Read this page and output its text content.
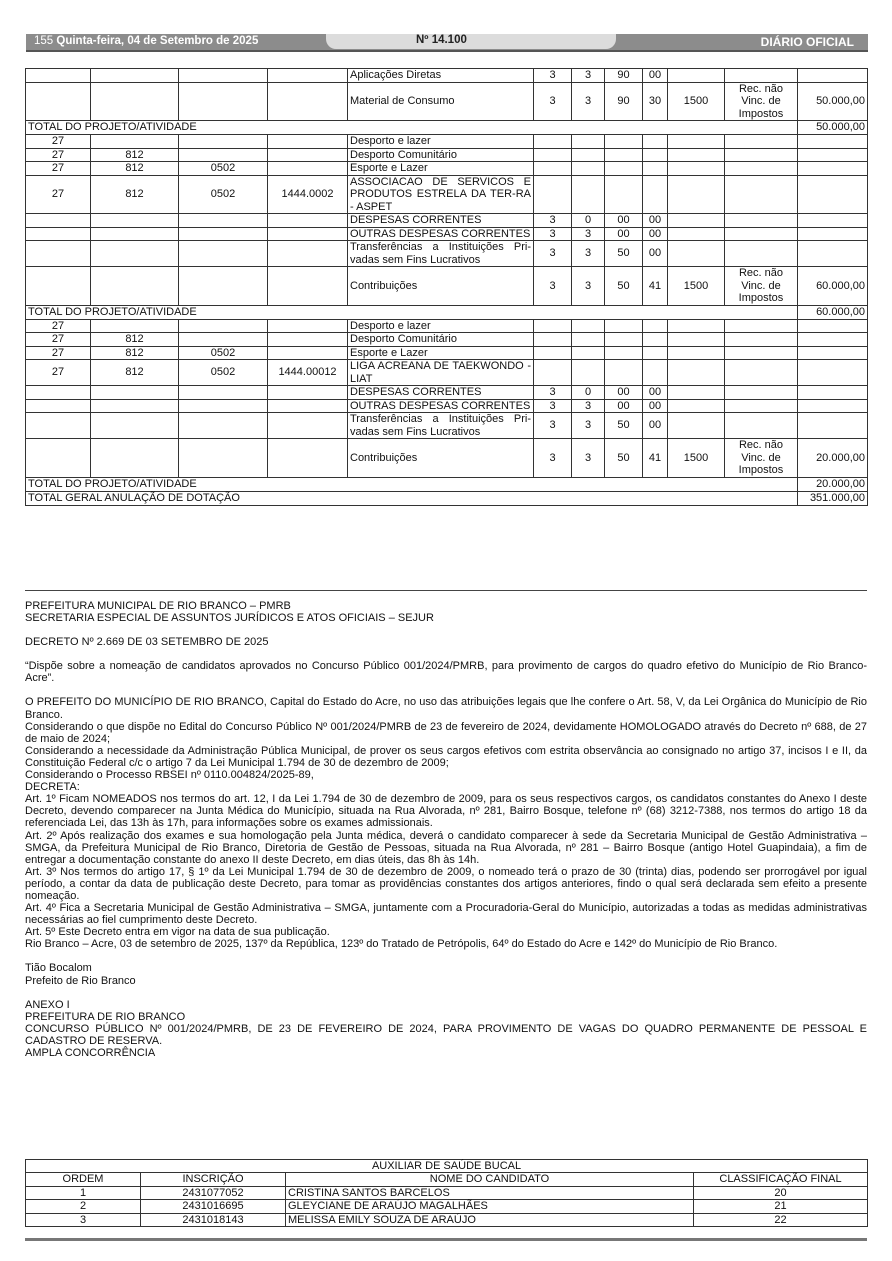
155 Quinta-feira, 04 de Setembro de 2025	Nº 14.100	DIÁRIO OFICIAL
				Aplicações Diretas	3	3	90	00			
				Material de Consumo	3	3	90	30	1500	Rec. não Vinc. de Impostos	50.000,00
TOTAL DO PROJETO/ATIVIDADE											50.000,00
27				Desporto e lazer							
27	812			Desporto Comunitário							
27	812	0502		Esporte e Lazer							
27	812	0502	1444.0002	ASSOCIACAO DE SERVICOS E PRODUTOS ESTRELA DA TER-RA - ASPET							
				DESPESAS CORRENTES	3	0	00	00			
				OUTRAS DESPESAS CORRENTES	3	3	00	00			
				Transferências a Instituições Pri-vadas sem Fins Lucrativos	3	3	50	00			
				Contribuições	3	3	50	41	1500	Rec. não Vinc. de Impostos	60.000,00
TOTAL DO PROJETO/ATIVIDADE											60.000,00
27				Desporto e lazer							
27	812			Desporto Comunitário							
27	812	0502		Esporte e Lazer							
27	812	0502	1444.00012	LIGA ACREANA DE TAEKWONDO - LIAT							
				DESPESAS CORRENTES	3	0	00	00			
				OUTRAS DESPESAS CORRENTES	3	3	00	00			
				Transferências a Instituições Pri-vadas sem Fins Lucrativos	3	3	50	00			
				Contribuições	3	3	50	41	1500	Rec. não Vinc. de Impostos	20.000,00
TOTAL DO PROJETO/ATIVIDADE											20.000,00
TOTAL GERAL ANULAÇÃO DE DOTAÇÃO											351.000,00

PREFEITURA MUNICIPAL DE RIO BRANCO – PMRB

SECRETARIA ESPECIAL DE ASSUNTOS JURÍDICOS E ATOS OFICIAIS – SEJUR

DECRETO Nº 2.669 DE 03 SETEMBRO DE 2025

“Dispõe sobre a nomeação de candidatos aprovados no Concurso Público 001/2024/PMRB, para provimento de cargos do quadro efetivo do Município de Rio Branco-Acre”.

O PREFEITO DO MUNICÍPIO DE RIO BRANCO, Capital do Estado do Acre, no uso das atribuições legais que lhe confere o Art. 58, V, da Lei Orgânica do Município de Rio Branco.

Considerando o que dispõe no Edital do Concurso Público Nº 001/2024/PMRB de 23 de fevereiro de 2024, devidamente HOMOLOGADO através do Decreto nº 688, de 27 de maio de 2024;

Considerando a necessidade da Administração Pública Municipal, de prover os seus cargos efetivos com estrita observância ao consignado no artigo 37, incisos I e II, da Constituição Federal c/c o artigo 7 da Lei Municipal 1.794 de 30 de dezembro de 2009;

Considerando o Processo RBSEI nº 0110.004824/2025-89,

DECRETA:

Art. 1º Ficam NOMEADOS nos termos do art. 12, I da Lei 1.794 de 30 de dezembro de 2009, para os seus respectivos cargos, os candidatos constantes do Anexo I deste Decreto, devendo comparecer na Junta Médica do Município, situada na Rua Alvorada, nº 281, Bairro Bosque, telefone nº (68) 3212-7388, nos termos do artigo 18 da referenciada Lei, das 13h às 17h, para informações sobre os exames admissionais.

Art. 2º Após realização dos exames e sua homologação pela Junta médica, deverá o candidato comparecer à sede da Secretaria Municipal de Gestão Administrativa – SMGA, da Prefeitura Municipal de Rio Branco, Diretoria de Gestão de Pessoas, situada na Rua Alvorada, nº 281 – Bairro Bosque (antigo Hotel Guapindaia), a fim de entregar a documentação constante do anexo II deste Decreto, em dias úteis, das 8h às 14h.

Art. 3º Nos termos do artigo 17, § 1º da Lei Municipal 1.794 de 30 de dezembro de 2009, o nomeado terá o prazo de 30 (trinta) dias, podendo ser prorrogável por igual período, a contar da data de publicação deste Decreto, para tomar as providências constantes dos artigos anteriores, findo o qual será declarada sem efeito a presente nomeação.

Art. 4º Fica a Secretaria Municipal de Gestão Administrativa – SMGA, juntamente com a Procuradoria-Geral do Município, autorizadas a todas as medidas administrativas necessárias ao fiel cumprimento deste Decreto.

Art. 5º Este Decreto entra em vigor na data de sua publicação.

Rio Branco – Acre, 03 de setembro de 2025, 137º da República, 123º do Tratado de Petrópolis, 64º do Estado do Acre e 142º do Município de Rio Branco.

Tião Bocalom

Prefeito de Rio Branco

ANEXO I

PREFEITURA DE RIO BRANCO

CONCURSO PÚBLICO Nº 001/2024/PMRB, DE 23 DE FEVEREIRO DE 2024, PARA PROVIMENTO DE VAGAS DO QUADRO PERMANENTE DE PESSOAL E CADASTRO DE RESERVA.

AMPLA CONCORRÊNCIA

AUXILIAR DE SAÚDE BUCAL			
ORDEM	INSCRIÇÃO	NOME DO CANDIDATO	CLASSIFICAÇÃO FINAL
1	2431077052	CRISTINA SANTOS BARCELOS	20
2	2431016695	GLEYCIANE DE ARAÚJO MAGALHÃES	21
3	2431018143	MELISSA EMILY SOUZA DE ARAÚJO	22
